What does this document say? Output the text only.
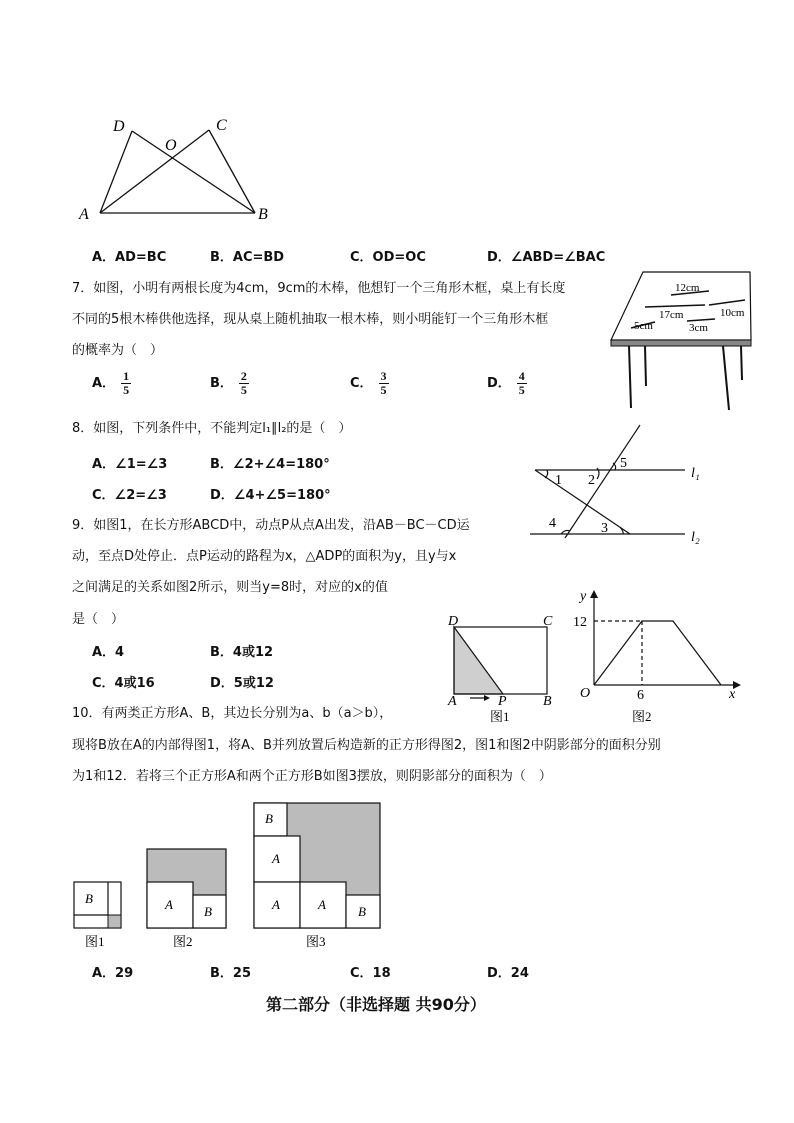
D	C
O
A	B
A．AD=BC	B．AC=BD	C．OD=OC	D．∠ABD=∠BAC
7．如图，小明有两根长度为4cm，9cm的木棒，他想钉一个三角形木框，桌上有长度
不同的5根木棒供他选择，现从桌上随机抽取一根木棒，则小明能钉一个三角形木框
的概率为（　）
A． $\frac{1}{5}$	B． $\frac{2}{5}$	C． $\frac{3}{5}$	D． $\frac{4}{5}$
12cm
17cm	10cm
5cm	3cm
8．如图，下列条件中，不能判定l₁∥l₂的是（　）
A．∠1=∠3	B．∠2+∠4=180°
C．∠2=∠3	D．∠4+∠5=180°
1 2
5
3
4
l₁
l₂
9．如图1，在长方形ABCD中，动点P从点A出发，沿AB－BC－CD运
动，至点D处停止．点P运动的路程为x，△ADP的面积为y，且y与x
之间满足的关系如图2所示，则当y=8时，对应的x的值
是（　）
A．4	B．4或12
C．4或16	D．5或12
D	C
A	P	B
图1
y
x
O
12
6
图2
10．有两类正方形A、B，其边长分别为a、b（a＞b），
现将B放在A的内部得图1，将A、B并列放置后构造新的正方形得图2，图1和图2中阴影部分的面积分别
为1和12．若将三个正方形A和两个正方形B如图3摆放，则阴影部分的面积为（　）
B
图1
A B
图2
B
A
A	A B
图3
A．29	B．25	C．18	D．24
第二部分（非选择题 共90分）
